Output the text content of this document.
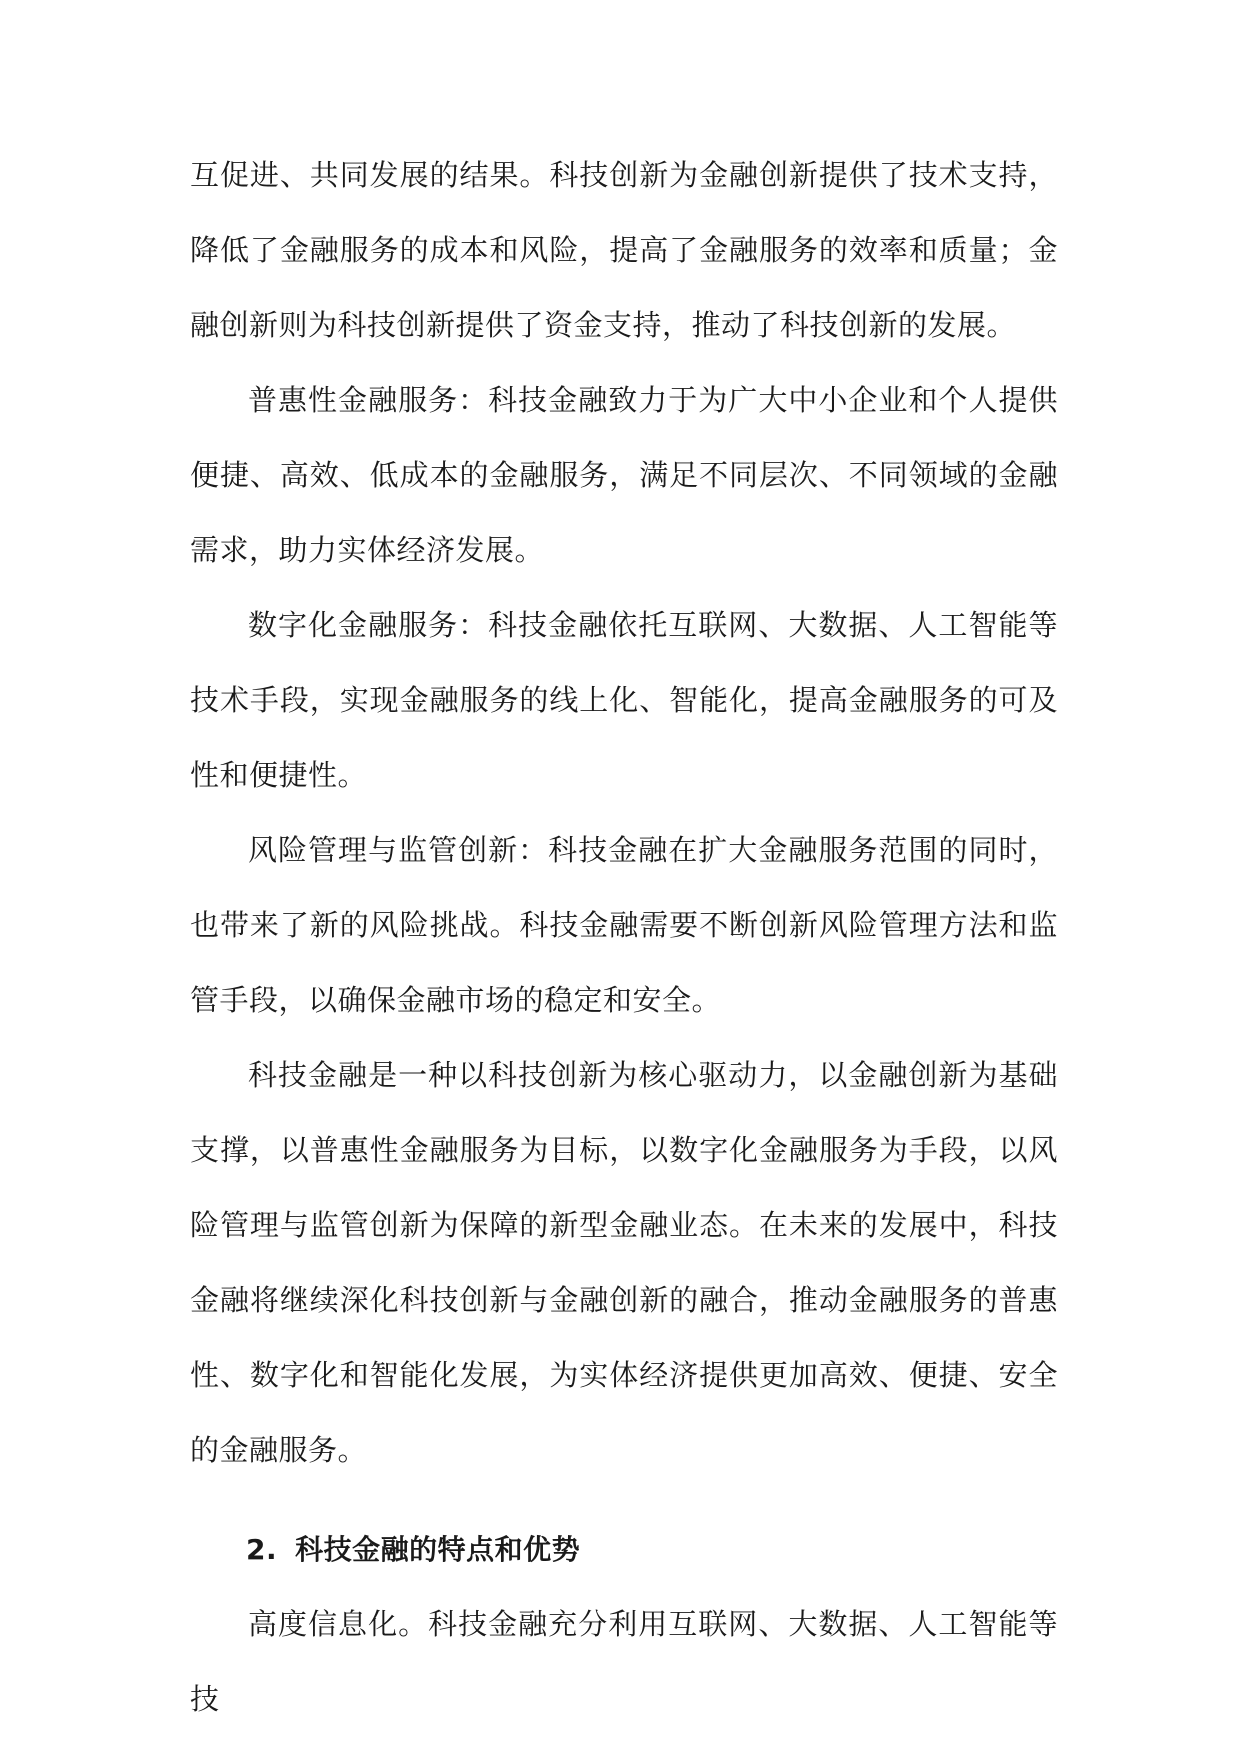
互促进、共同发展的结果。科技创新为金融创新提供了技术支持，降低了金融服务的成本和风险，提高了金融服务的效率和质量；金融创新则为科技创新提供了资金支持，推动了科技创新的发展。

普惠性金融服务：科技金融致力于为广大中小企业和个人提供便捷、高效、低成本的金融服务，满足不同层次、不同领域的金融需求，助力实体经济发展。

数字化金融服务：科技金融依托互联网、大数据、人工智能等技术手段，实现金融服务的线上化、智能化，提高金融服务的可及性和便捷性。

风险管理与监管创新：科技金融在扩大金融服务范围的同时，也带来了新的风险挑战。科技金融需要不断创新风险管理方法和监管手段，以确保金融市场的稳定和安全。

科技金融是一种以科技创新为核心驱动力，以金融创新为基础支撑，以普惠性金融服务为目标，以数字化金融服务为手段，以风险管理与监管创新为保障的新型金融业态。在未来的发展中，科技金融将继续深化科技创新与金融创新的融合，推动金融服务的普惠性、数字化和智能化发展，为实体经济提供更加高效、便捷、安全的金融服务。

2. 科技金融的特点和优势

高度信息化。科技金融充分利用互联网、大数据、人工智能等技
